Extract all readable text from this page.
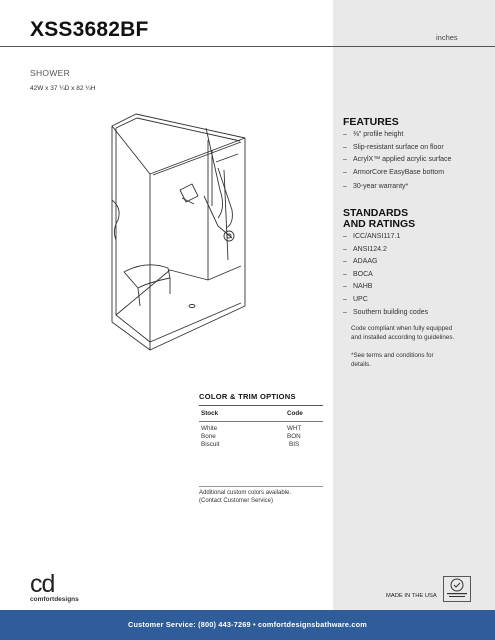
XSS3682BF	inches
SHOWER
42W x 37 ¼D x 82 ¼H
FEATURES
– ⅜" profile height
– Slip-resistant surface on floor
– AcrylX™ applied acrylic surface
– ArmorCore EasyBase bottom
– 30-year warranty*
STANDARDS
AND RATINGS
– ICC/ANSI117.1
– ANSI124.2
– ADAAG
– BOCA
– NAHB
– UPC
– Southern building codes
Code compliant when fully equipped
and installed according to guidelines.
*See terms and conditions for
details.
COLOR & TRIM OPTIONS
Stock	Code
White	WHT
Bone	BON
Biscuit	BIS
Additional custom colors available.
(Contact Customer Service)
cd
comfortdesigns	MADE IN THE USA
Customer Service: (800) 443-7269 • comfortdesignsbathware.com
